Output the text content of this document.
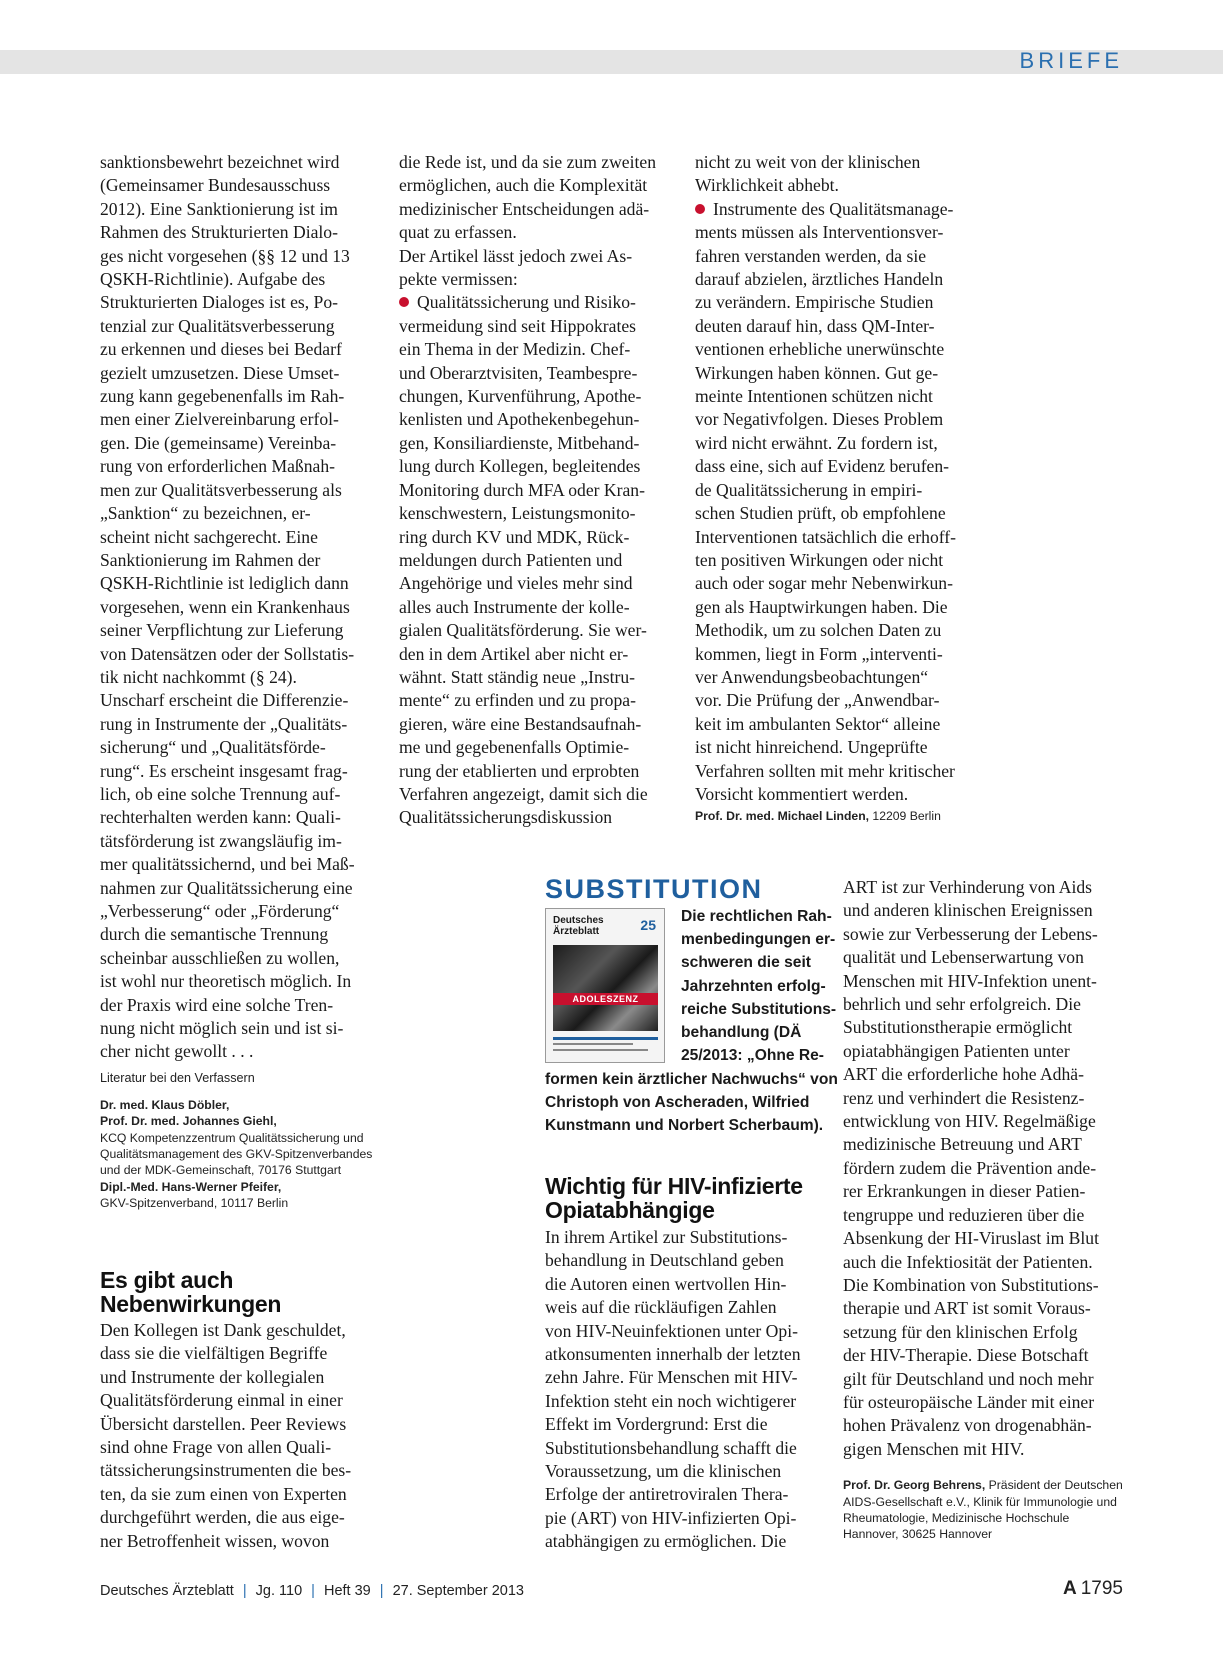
BRIEFE
sanktionsbewehrt bezeichnet wird
(Gemeinsamer Bundesausschuss
2012). Eine Sanktionierung ist im
Rahmen des Strukturierten Dialo-
ges nicht vorgesehen (§§ 12 und 13
QSKH-Richtlinie). Aufgabe des
Strukturierten Dialoges ist es, Po-
tenzial zur Qualitätsverbesserung
zu erkennen und dieses bei Bedarf
gezielt umzusetzen. Diese Umset-
zung kann gegebenenfalls im Rah-
men einer Zielvereinbarung erfol-
gen. Die (gemeinsame) Vereinba-
rung von erforderlichen Maßnah-
men zur Qualitätsverbesserung als
„Sanktion“ zu bezeichnen, er-
scheint nicht sachgerecht. Eine
Sanktionierung im Rahmen der
QSKH-Richtlinie ist lediglich dann
vorgesehen, wenn ein Krankenhaus
seiner Verpflichtung zur Lieferung
von Datensätzen oder der Sollstatis-
tik nicht nachkommt (§ 24).
Unscharf erscheint die Differenzie-
rung in Instrumente der „Qualitäts-
sicherung“ und „Qualitätsförde-
rung“. Es erscheint insgesamt frag-
lich, ob eine solche Trennung auf-
rechterhalten werden kann: Quali-
tätsförderung ist zwangsläufig im-
mer qualitätssichernd, und bei Maß-
nahmen zur Qualitätssicherung eine
„Verbesserung“ oder „Förderung“
durch die semantische Trennung
scheinbar ausschließen zu wollen,
ist wohl nur theoretisch möglich. In
der Praxis wird eine solche Tren-
nung nicht möglich sein und ist si-
cher nicht gewollt . . .
Literatur bei den Verfassern
Dr. med. Klaus Döbler,
Prof. Dr. med. Johannes Giehl,
KCQ Kompetenzzentrum Qualitätssicherung und
Qualitätsmanagement des GKV-Spitzenverbandes
und der MDK-Gemeinschaft, 70176 Stuttgart
Dipl.-Med. Hans-Werner Pfeifer,
GKV-Spitzenverband, 10117 Berlin
Es gibt auch
Nebenwirkungen
Den Kollegen ist Dank geschuldet,
dass sie die vielfältigen Begriffe
und Instrumente der kollegialen
Qualitätsförderung einmal in einer
Übersicht darstellen. Peer Reviews
sind ohne Frage von allen Quali-
tätssicherungsinstrumenten die bes-
ten, da sie zum einen von Experten
durchgeführt werden, die aus eige-
ner Betroffenheit wissen, wovon
die Rede ist, und da sie zum zweiten
ermöglichen, auch die Komplexität
medizinischer Entscheidungen adä-
quat zu erfassen.
Der Artikel lässt jedoch zwei As-
pekte vermissen:
Qualitätssicherung und Risiko-
vermeidung sind seit Hippokrates
ein Thema in der Medizin. Chef-
und Oberarztvisiten, Teambespre-
chungen, Kurvenführung, Apothe-
kenlisten und Apothekenbegehun-
gen, Konsiliardienste, Mitbehand-
lung durch Kollegen, begleitendes
Monitoring durch MFA oder Kran-
kenschwestern, Leistungsmonito-
ring durch KV und MDK, Rück-
meldungen durch Patienten und
Angehörige und vieles mehr sind
alles auch Instrumente der kolle-
gialen Qualitätsförderung. Sie wer-
den in dem Artikel aber nicht er-
wähnt. Statt ständig neue „Instru-
mente“ zu erfinden und zu propa-
gieren, wäre eine Bestandsaufnah-
me und gegebenenfalls Optimie-
rung der etablierten und erprobten
Verfahren angezeigt, damit sich die
Qualitätssicherungsdiskussion
nicht zu weit von der klinischen
Wirklichkeit abhebt.
Instrumente des Qualitätsmanage-
ments müssen als Interventionsver-
fahren verstanden werden, da sie
darauf abzielen, ärztliches Handeln
zu verändern. Empirische Studien
deuten darauf hin, dass QM-Inter-
ventionen erhebliche unerwünschte
Wirkungen haben können. Gut ge-
meinte Intentionen schützen nicht
vor Negativfolgen. Dieses Problem
wird nicht erwähnt. Zu fordern ist,
dass eine, sich auf Evidenz berufen-
de Qualitätssicherung in empiri-
schen Studien prüft, ob empfohlene
Interventionen tatsächlich die erhoff-
ten positiven Wirkungen oder nicht
auch oder sogar mehr Nebenwirkun-
gen als Hauptwirkungen haben. Die
Methodik, um zu solchen Daten zu
kommen, liegt in Form „interventi-
ver Anwendungsbeobachtungen“
vor. Die Prüfung der „Anwendbar-
keit im ambulanten Sektor“ alleine
ist nicht hinreichend. Ungeprüfte
Verfahren sollten mit mehr kritischer
Vorsicht kommentiert werden.
Prof. Dr. med. Michael Linden, 12209 Berlin
SUBSTITUTION
Deutsches
Ärzteblatt	25
ADOLESZENZ
Die rechtlichen Rah-
menbedingungen er-
schweren die seit
Jahrzehnten erfolg-
reiche Substitutions-
behandlung (DÄ
25/2013: „Ohne Re-
formen kein ärztlicher Nachwuchs“ von
Christoph von Ascheraden, Wilfried
Kunstmann und Norbert Scherbaum).
Wichtig für HIV-infizierte
Opiatabhängige
In ihrem Artikel zur Substitutions-
behandlung in Deutschland geben
die Autoren einen wertvollen Hin-
weis auf die rückläufigen Zahlen
von HIV-Neuinfektionen unter Opi-
atkonsumenten innerhalb der letzten
zehn Jahre. Für Menschen mit HIV-
Infektion steht ein noch wichtigerer
Effekt im Vordergrund: Erst die
Substitutionsbehandlung schafft die
Voraussetzung, um die klinischen
Erfolge der antiretroviralen Thera-
pie (ART) von HIV-infizierten Opi-
atabhängigen zu ermöglichen. Die
ART ist zur Verhinderung von Aids
und anderen klinischen Ereignissen
sowie zur Verbesserung der Lebens-
qualität und Lebenserwartung von
Menschen mit HIV-Infektion unent-
behrlich und sehr erfolgreich. Die
Substitutionstherapie ermöglicht
opiatabhängigen Patienten unter
ART die erforderliche hohe Adhä-
renz und verhindert die Resistenz-
entwicklung von HIV. Regelmäßige
medizinische Betreuung und ART
fördern zudem die Prävention ande-
rer Erkrankungen in dieser Patien-
tengruppe und reduzieren über die
Absenkung der HI-Viruslast im Blut
auch die Infektiosität der Patienten.
Die Kombination von Substitutions-
therapie und ART ist somit Voraus-
setzung für den klinischen Erfolg
der HIV-Therapie. Diese Botschaft
gilt für Deutschland und noch mehr
für osteuropäische Länder mit einer
hohen Prävalenz von drogenabhän-
gigen Menschen mit HIV.
Prof. Dr. Georg Behrens, Präsident der Deutschen
AIDS-Gesellschaft e.V., Klinik für Immunologie und
Rheumatologie, Medizinische Hochschule
Hannover, 30625 Hannover
Deutsches Ärzteblatt | Jg. 110 | Heft 39 | 27. September 2013	A 1795
